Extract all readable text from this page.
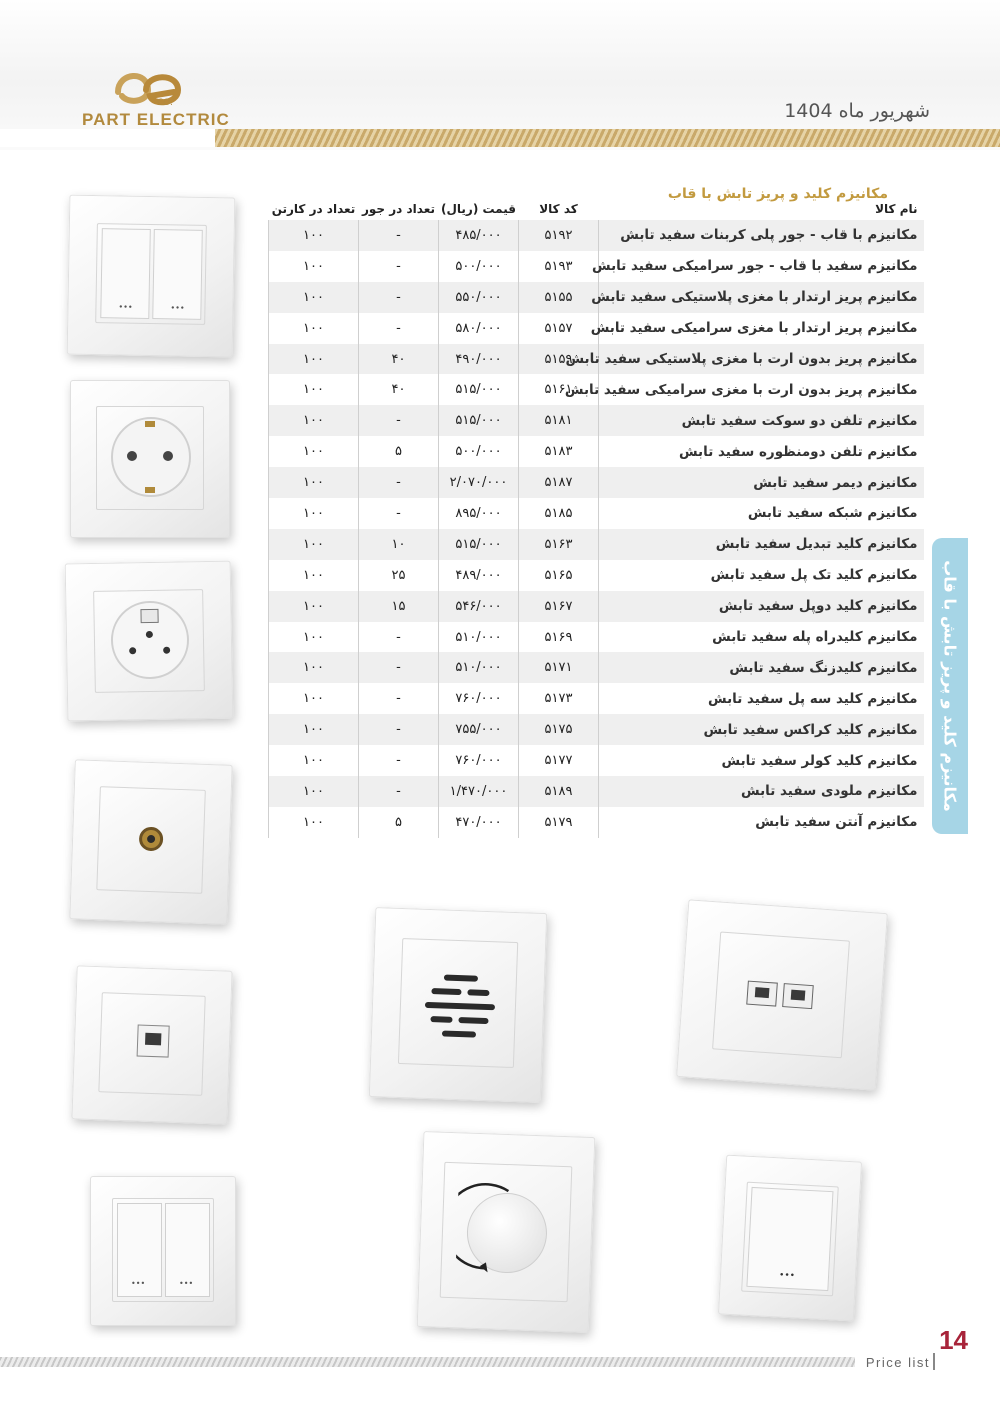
CO.
PART ELECTRIC	شهریور ماه 1404
مکانیزم کلید و پریز تابش با قاب
نام کالا	کد کالا	قیمت (ریال)	تعداد در جور	تعداد در کارتن
مکانیزم با قاب - جور پلی کربنات سفید تابش	۵۱۹۲	۴۸۵/۰۰۰	-	۱۰۰
مکانیزم سفید با قاب - جور سرامیکی سفید تابش	۵۱۹۳	۵۰۰/۰۰۰	-	۱۰۰
مکانیزم پریز ارتدار با مغزی پلاستیکی سفید تابش	۵۱۵۵	۵۵۰/۰۰۰	-	۱۰۰
مکانیزم پریز ارتدار با مغزی سرامیکی سفید تابش	۵۱۵۷	۵۸۰/۰۰۰	-	۱۰۰
مکانیزم پریز بدون ارت با مغزی پلاستیکی سفید تابش	۵۱۵۹	۴۹۰/۰۰۰	۴۰	۱۰۰
مکانیزم پریز بدون ارت با مغزی سرامیکی سفید تابش	۵۱۶۱	۵۱۵/۰۰۰	۴۰	۱۰۰
مکانیزم تلفن دو سوکت سفید تابش	۵۱۸۱	۵۱۵/۰۰۰	-	۱۰۰
مکانیزم تلفن دومنظوره سفید تابش	۵۱۸۳	۵۰۰/۰۰۰	۵	۱۰۰
مکانیزم دیمر سفید تابش	۵۱۸۷	۲/۰۷۰/۰۰۰	-	۱۰۰
مکانیزم شبکه سفید تابش	۵۱۸۵	۸۹۵/۰۰۰	-	۱۰۰
مکانیزم کلید تبدیل سفید تابش	۵۱۶۳	۵۱۵/۰۰۰	۱۰	۱۰۰
مکانیزم کلید تک پل سفید تابش	۵۱۶۵	۴۸۹/۰۰۰	۲۵	۱۰۰
مکانیزم کلید دوپل سفید تابش	۵۱۶۷	۵۴۶/۰۰۰	۱۵	۱۰۰
مکانیزم کلیدراه پله سفید تابش	۵۱۶۹	۵۱۰/۰۰۰	-	۱۰۰
مکانیزم کلیدزنگ سفید تابش	۵۱۷۱	۵۱۰/۰۰۰	-	۱۰۰
مکانیزم کلید سه پل سفید تابش	۵۱۷۳	۷۶۰/۰۰۰	-	۱۰۰
مکانیزم کلید کراکس سفید تابش	۵۱۷۵	۷۵۵/۰۰۰	-	۱۰۰
مکانیزم کلید کولر سفید تابش	۵۱۷۷	۷۶۰/۰۰۰	-	۱۰۰
مکانیزم ملودی سفید تابش	۵۱۸۹	۱/۴۷۰/۰۰۰	-	۱۰۰
مکانیزم آنتن سفید تابش	۵۱۷۹	۴۷۰/۰۰۰	۵	۱۰۰
مکانیزم کلید و پریز تابش با قاب
•••	•••
•••	•••
•••
14
Price list
